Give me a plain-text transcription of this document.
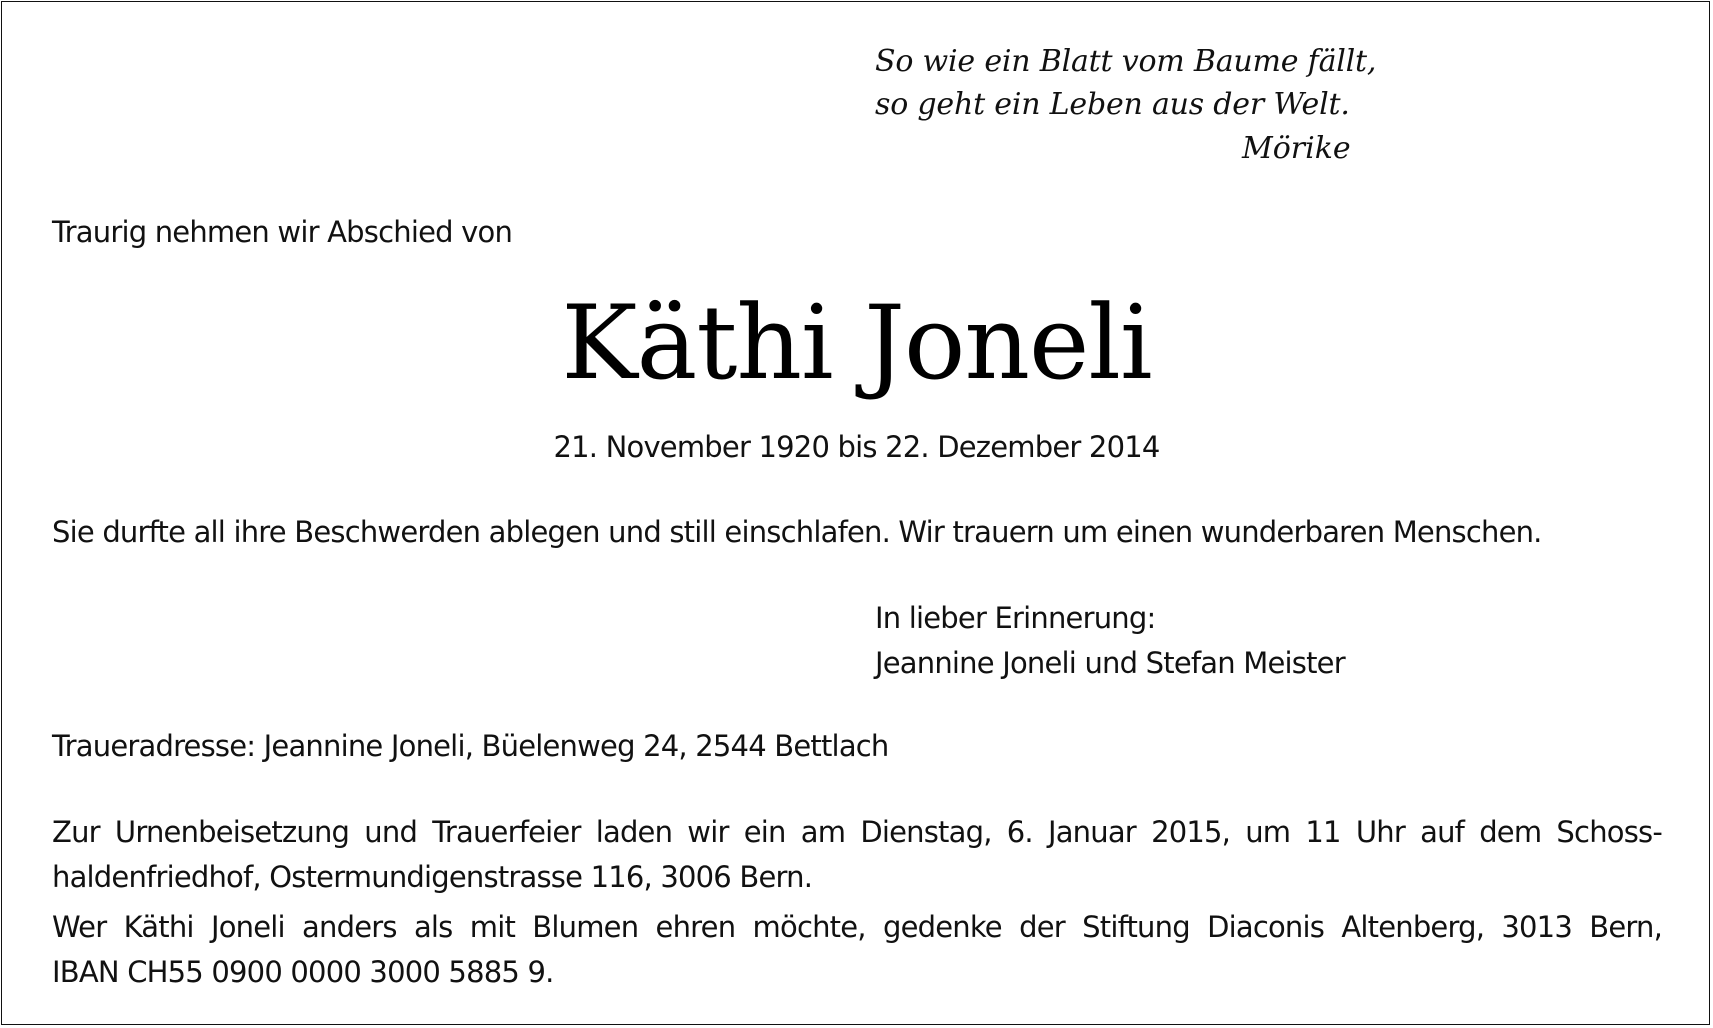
So wie ein Blatt vom Baume fällt,
so geht ein Leben aus der Welt.
Mörike
Traurig nehmen wir Abschied von
Käthi Joneli
21. November 1920 bis 22. Dezember 2014
Sie durfte all ihre Beschwerden ablegen und still einschlafen. Wir trauern um einen wunderbaren Menschen.
In lieber Erinnerung:
Jeannine Joneli und Stefan Meister
Traueradresse: Jeannine Joneli, Büelenweg 24, 2544 Bettlach
Zur Urnenbeisetzung und Trauerfeier laden wir ein am Dienstag, 6. Januar 2015, um 11 Uhr auf dem Schoss-
haldenfriedhof, Ostermundigenstrasse 116, 3006 Bern.
Wer Käthi Joneli anders als mit Blumen ehren möchte, gedenke der Stiftung Diaconis Altenberg, 3013 Bern,
IBAN CH55 0900 0000 3000 5885 9.
